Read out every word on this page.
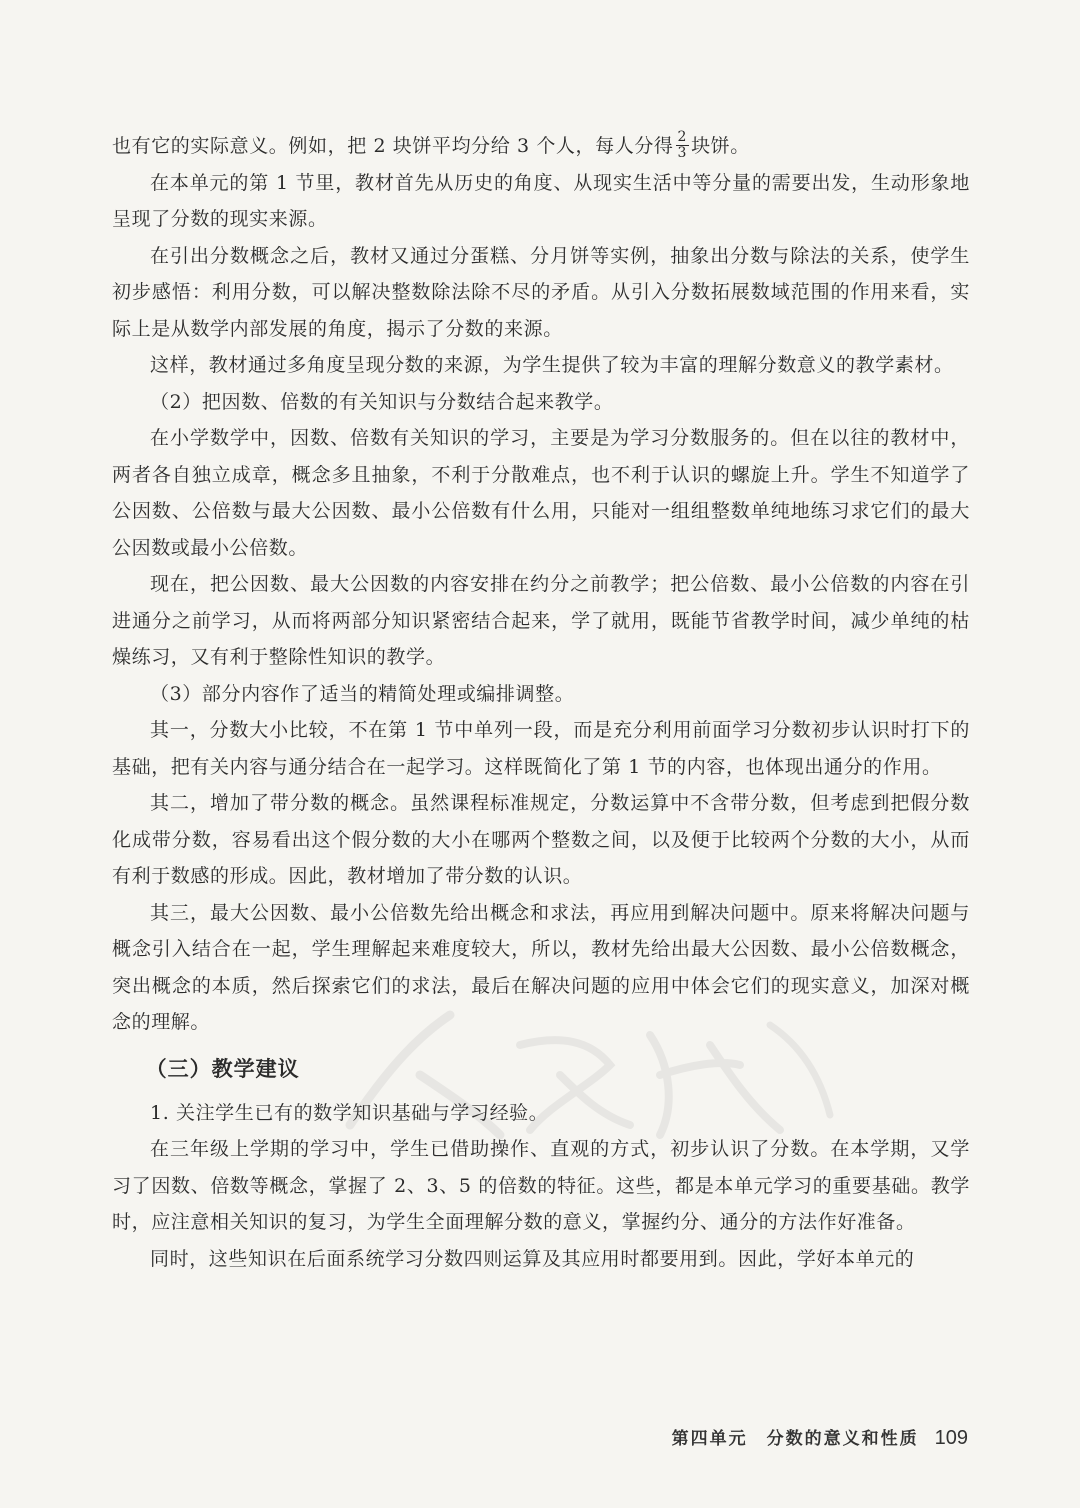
也有它的实际意义。例如，把 2 块饼平均分给 3 个人，每人分得 $\frac{2}{3}$ 块饼。

在本单元的第 1 节里，教材首先从历史的角度、从现实生活中等分量的需要出发，生动形象地呈现了分数的现实来源。

在引出分数概念之后，教材又通过分蛋糕、分月饼等实例，抽象出分数与除法的关系，使学生初步感悟：利用分数，可以解决整数除法除不尽的矛盾。从引入分数拓展数域范围的作用来看，实际上是从数学内部发展的角度，揭示了分数的来源。

这样，教材通过多角度呈现分数的来源，为学生提供了较为丰富的理解分数意义的教学素材。

（2）把因数、倍数的有关知识与分数结合起来教学。

在小学数学中，因数、倍数有关知识的学习，主要是为学习分数服务的。但在以往的教材中，两者各自独立成章，概念多且抽象，不利于分散难点，也不利于认识的螺旋上升。学生不知道学了公因数、公倍数与最大公因数、最小公倍数有什么用，只能对一组组整数单纯地练习求它们的最大公因数或最小公倍数。

现在，把公因数、最大公因数的内容安排在约分之前教学；把公倍数、最小公倍数的内容在引进通分之前学习，从而将两部分知识紧密结合起来，学了就用，既能节省教学时间，减少单纯的枯燥练习，又有利于整除性知识的教学。

（3）部分内容作了适当的精简处理或编排调整。

其一，分数大小比较，不在第 1 节中单列一段，而是充分利用前面学习分数初步认识时打下的基础，把有关内容与通分结合在一起学习。这样既简化了第 1 节的内容，也体现出通分的作用。

其二，增加了带分数的概念。虽然课程标准规定，分数运算中不含带分数，但考虑到把假分数化成带分数，容易看出这个假分数的大小在哪两个整数之间，以及便于比较两个分数的大小，从而有利于数感的形成。因此，教材增加了带分数的认识。

其三，最大公因数、最小公倍数先给出概念和求法，再应用到解决问题中。原来将解决问题与概念引入结合在一起，学生理解起来难度较大，所以，教材先给出最大公因数、最小公倍数概念，突出概念的本质，然后探索它们的求法，最后在解决问题的应用中体会它们的现实意义，加深对概念的理解。

（三）教学建议

1. 关注学生已有的数学知识基础与学习经验。

在三年级上学期的学习中，学生已借助操作、直观的方式，初步认识了分数。在本学期，又学习了因数、倍数等概念，掌握了 2、3、5 的倍数的特征。这些，都是本单元学习的重要基础。教学时，应注意相关知识的复习，为学生全面理解分数的意义，掌握约分、通分的方法作好准备。

同时，这些知识在后面系统学习分数四则运算及其应用时都要用到。因此，学好本单元的

第四单元　分数的意义和性质 109
